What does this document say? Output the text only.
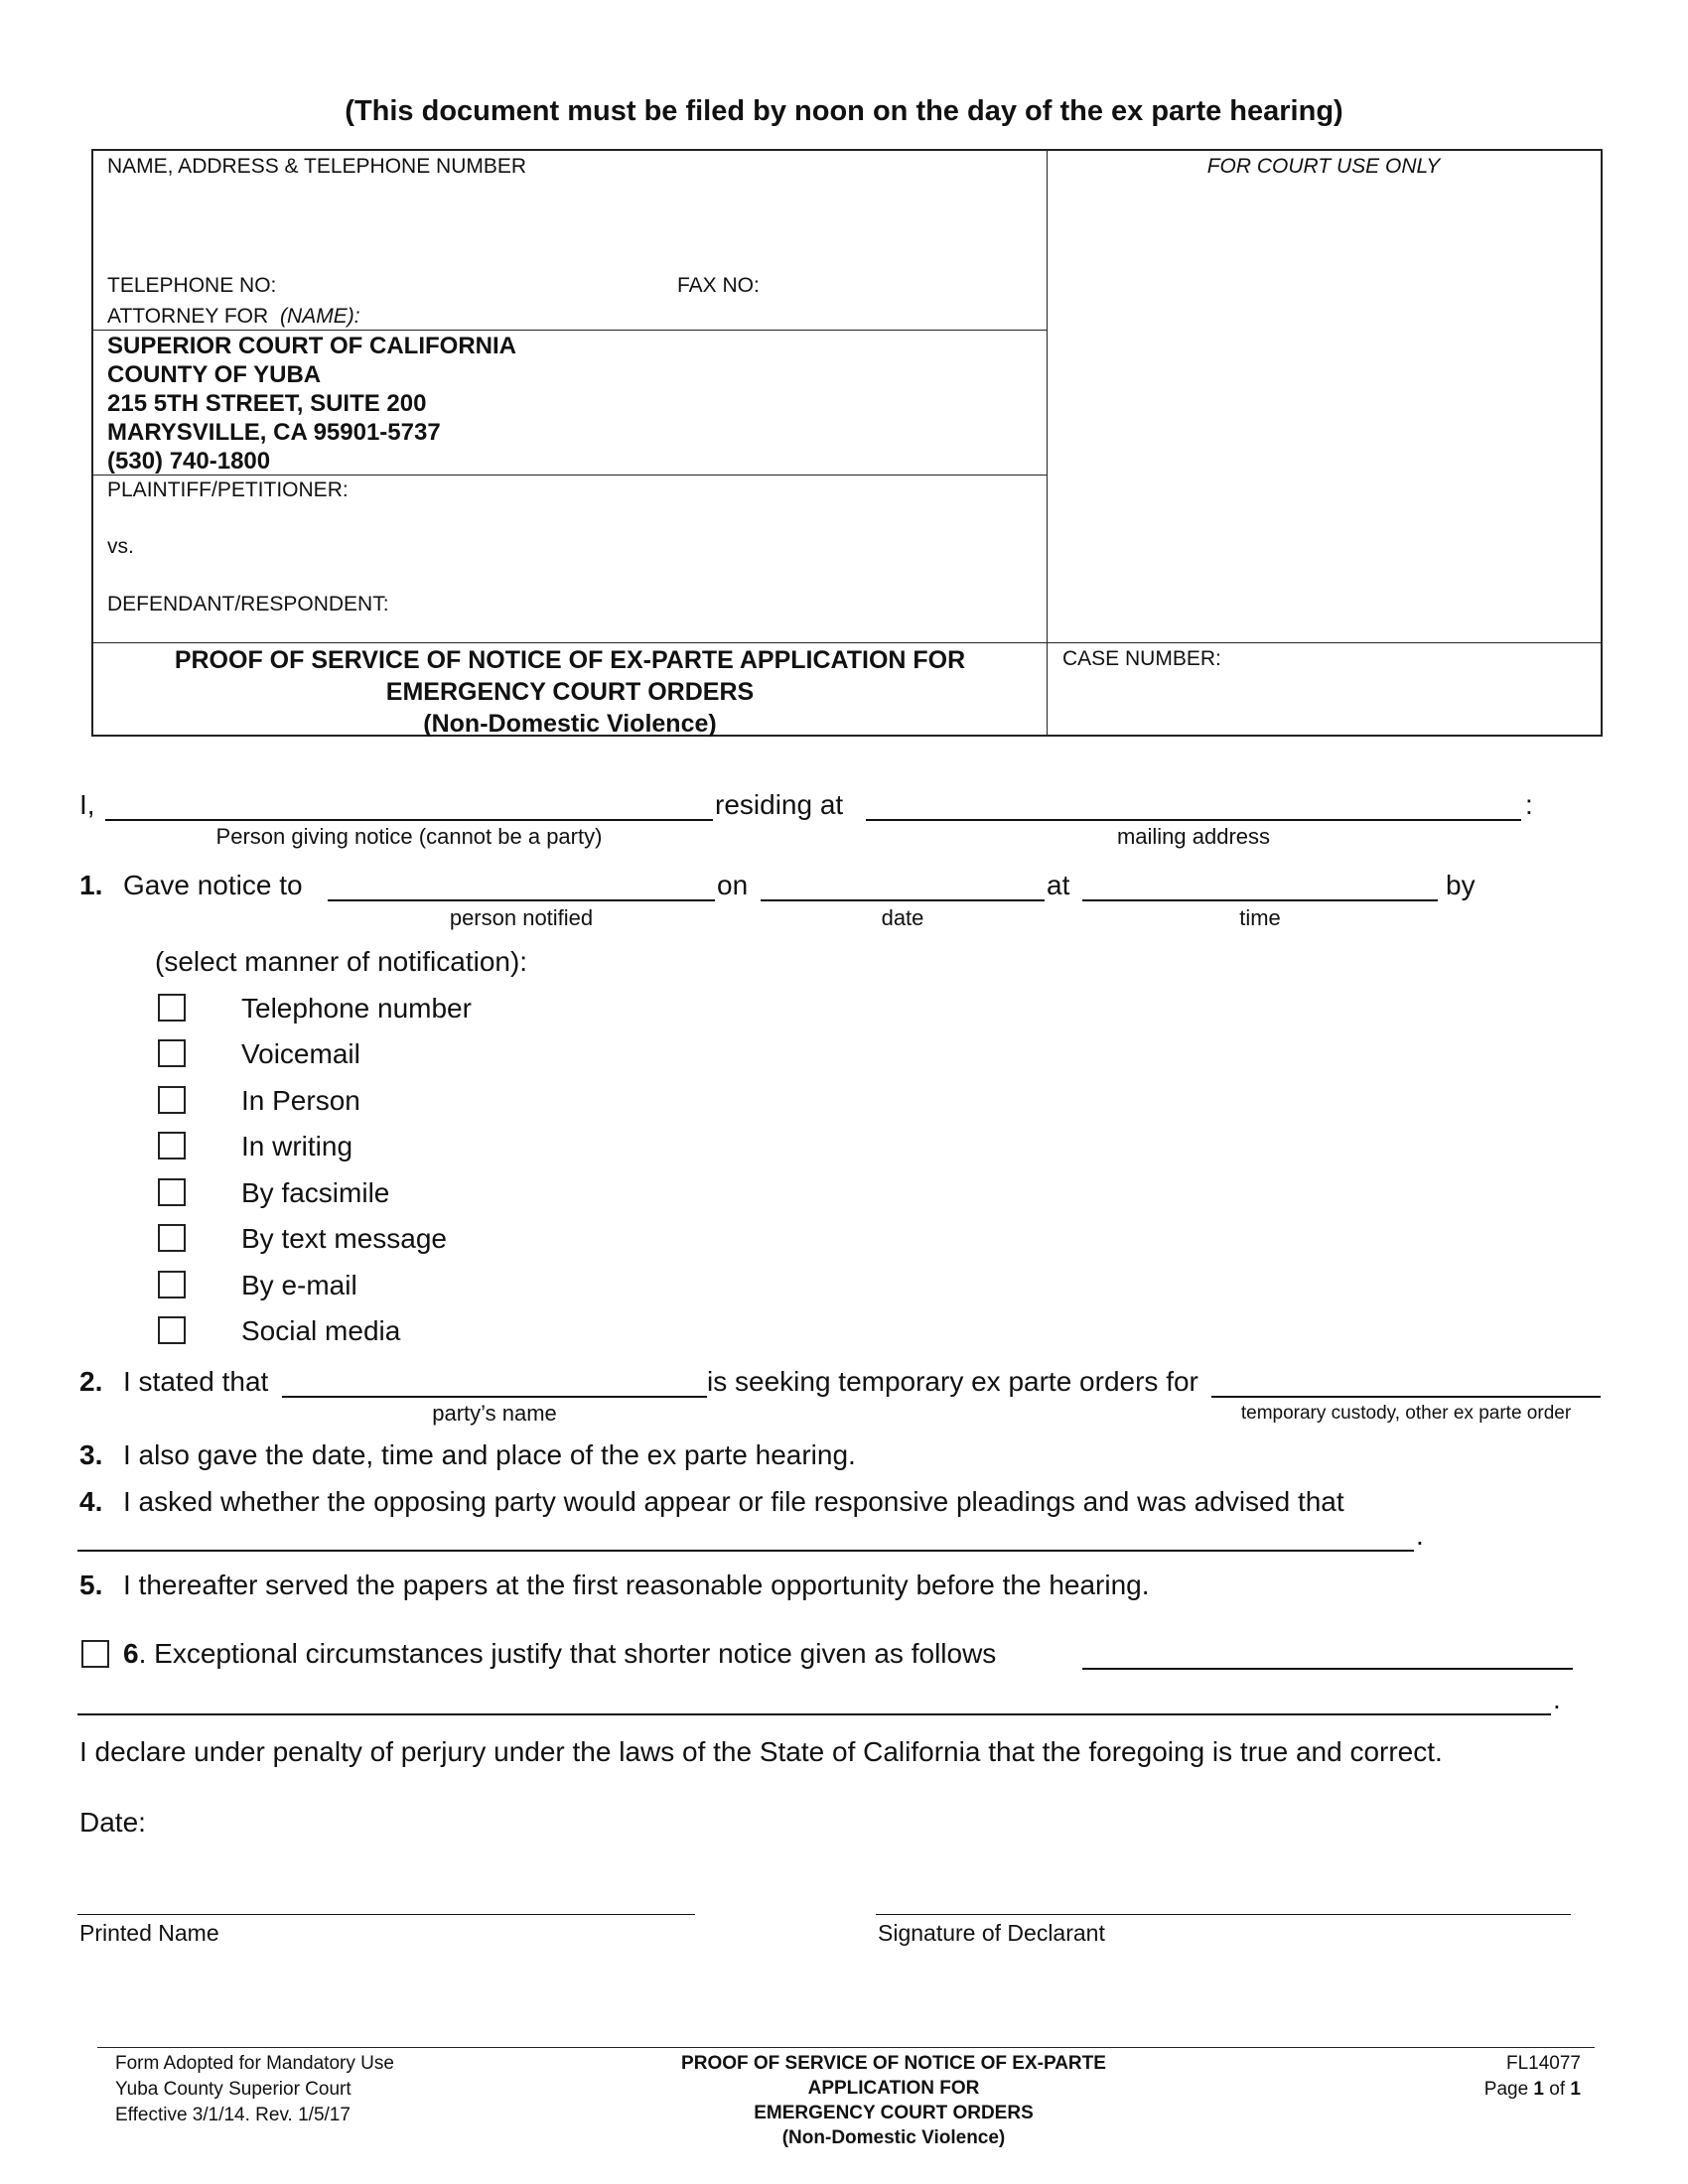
(This document must be filed by noon on the day of the ex parte hearing)
NAME, ADDRESS & TELEPHONE NUMBER	FOR COURT USE ONLY
TELEPHONE NO:	FAX NO:
ATTORNEY FOR (NAME):
SUPERIOR COURT OF CALIFORNIA
COUNTY OF YUBA
215 5TH STREET, SUITE 200
MARYSVILLE, CA 95901-5737
(530) 740-1800
PLAINTIFF/PETITIONER:
vs.
DEFENDANT/RESPONDENT:
PROOF OF SERVICE OF NOTICE OF EX-PARTE APPLICATION FOR
EMERGENCY COURT ORDERS
(Non-Domestic Violence)
CASE NUMBER:
I,	residing at	:
Person giving notice (cannot be a party)	mailing address
1. Gave notice to	on	at	by
person notified	date	time
(select manner of notification):
Telephone number
Voicemail
In Person
In writing
By facsimile
By text message
By e-mail
Social media
2. I stated that	is seeking temporary ex parte orders for
party’s name	temporary custody, other ex parte order
3. I also gave the date, time and place of the ex parte hearing.
4. I asked whether the opposing party would appear or file responsive pleadings and was advised that
.
5. I thereafter served the papers at the first reasonable opportunity before the hearing.
6. Exceptional circumstances justify that shorter notice given as follows
.
I declare under penalty of perjury under the laws of the State of California that the foregoing is true and correct.
Date:
Printed Name	Signature of Declarant
Form Adopted for Mandatory Use
Yuba County Superior Court
Effective 3/1/14. Rev. 1/5/17
PROOF OF SERVICE OF NOTICE OF EX-PARTE
APPLICATION FOR
EMERGENCY COURT ORDERS
(Non-Domestic Violence)
FL14077
Page 1 of 1
